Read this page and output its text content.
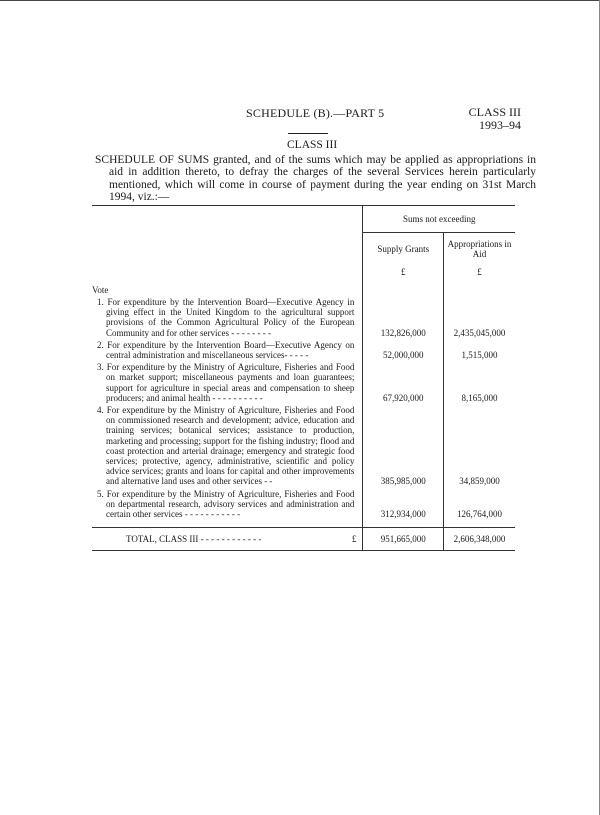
SCHEDULE (B).—PART 5	CLASS III
1993–94
CLASS III
SCHEDULE OF SUMS granted, and of the sums which may be applied as appropriations in aid in addition thereto, to defray the charges of the several Services herein particularly mentioned, which will come in course of payment during the year ending on 31st March 1994, viz.:—

	Sums not exceeding	
	Supply Grants	Appropriations in Aid
	£	£
Vote		

1. For expenditure by the Intervention Board—Executive Agency in giving effect in the United Kingdom to the agricultural support provisions of the Common Agricultural Policy of the European Community and for other services - - - - - - - -	132,826,000	2,435,045,000

2. For expenditure by the Intervention Board—Executive Agency on central administration and miscellaneous services- - - - -	52,000,000	1,515,000

3. For expenditure by the Ministry of Agriculture, Fisheries and Food on market support; miscellaneous payments and loan guarantees; support for agriculture in special areas and compensation to sheep producers; and animal health - - - - - - - - - -	67,920,000	8,165,000

4. For expenditure by the Ministry of Agriculture, Fisheries and Food on commissioned research and development; advice, education and training services; botanical services; assistance to production, marketing and processing; support for the fishing industry; flood and coast protection and arterial drainage; emergency and strategic food services; protective, agency, administrative, scientific and policy advice services; grants and loans for capital and other improvements and alternative land uses and other services - -	385,985,000	34,859,000

5. For expenditure by the Ministry of Agriculture, Fisheries and Food on departmental research, advisory services and administration and certain other services - - - - - - - - - - -	312,934,000	126,764,000

TOTAL, CLASS III - - - - - - - - - - - - £	951,665,000	2,606,348,000
